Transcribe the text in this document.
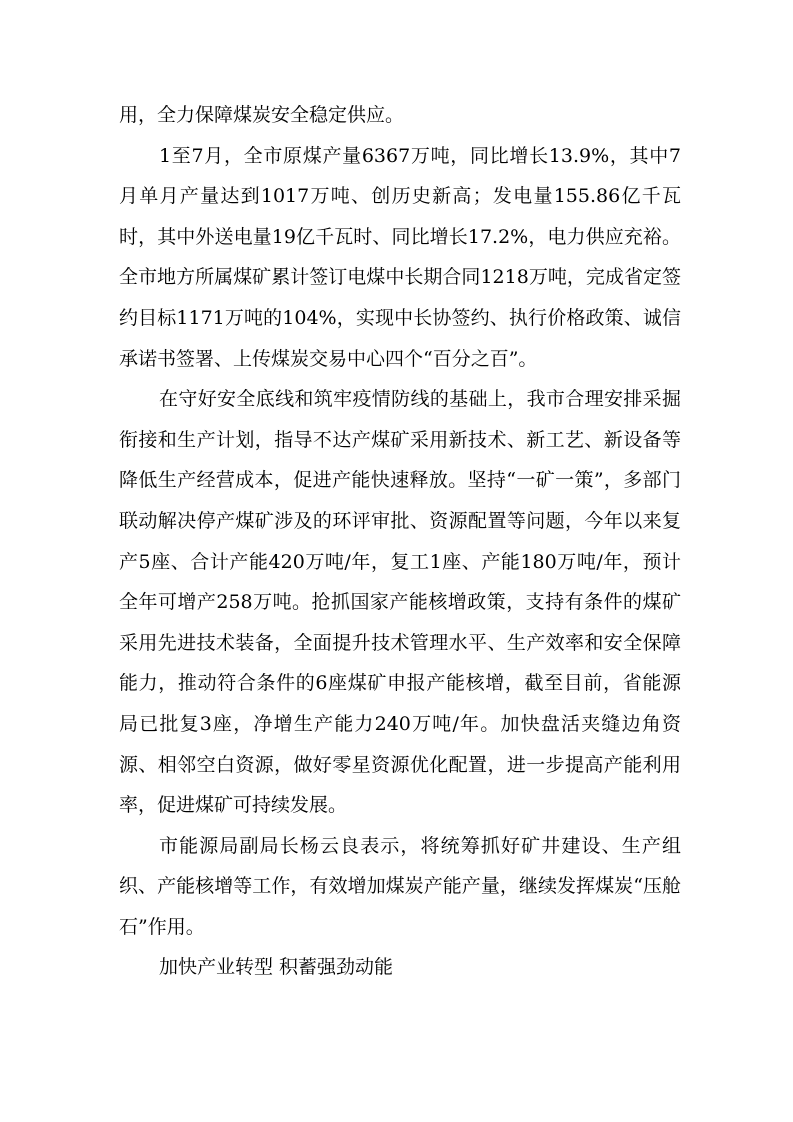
用，全力保障煤炭安全稳定供应。

1至7月，全市原煤产量6367万吨，同比增长13.9%，其中7月单月产量达到1017万吨、创历史新高；发电量155.86亿千瓦时，其中外送电量19亿千瓦时、同比增长17.2%，电力供应充裕。全市地方所属煤矿累计签订电煤中长期合同1218万吨，完成省定签约目标1171万吨的104%，实现中长协签约、执行价格政策、诚信承诺书签署、上传煤炭交易中心四个“百分之百”。

在守好安全底线和筑牢疫情防线的基础上，我市合理安排采掘衔接和生产计划，指导不达产煤矿采用新技术、新工艺、新设备等降低生产经营成本，促进产能快速释放。坚持“一矿一策”，多部门联动解决停产煤矿涉及的环评审批、资源配置等问题，今年以来复产5座、合计产能420万吨/年，复工1座、产能180万吨/年，预计全年可增产258万吨。抢抓国家产能核增政策，支持有条件的煤矿采用先进技术装备，全面提升技术管理水平、生产效率和安全保障能力，推动符合条件的6座煤矿申报产能核增，截至目前，省能源局已批复3座，净增生产能力240万吨/年。加快盘活夹缝边角资源、相邻空白资源，做好零星资源优化配置，进一步提高产能利用率，促进煤矿可持续发展。

市能源局副局长杨云良表示，将统筹抓好矿井建设、生产组织、产能核增等工作，有效增加煤炭产能产量，继续发挥煤炭“压舱石”作用。

加快产业转型 积蓄强劲动能
